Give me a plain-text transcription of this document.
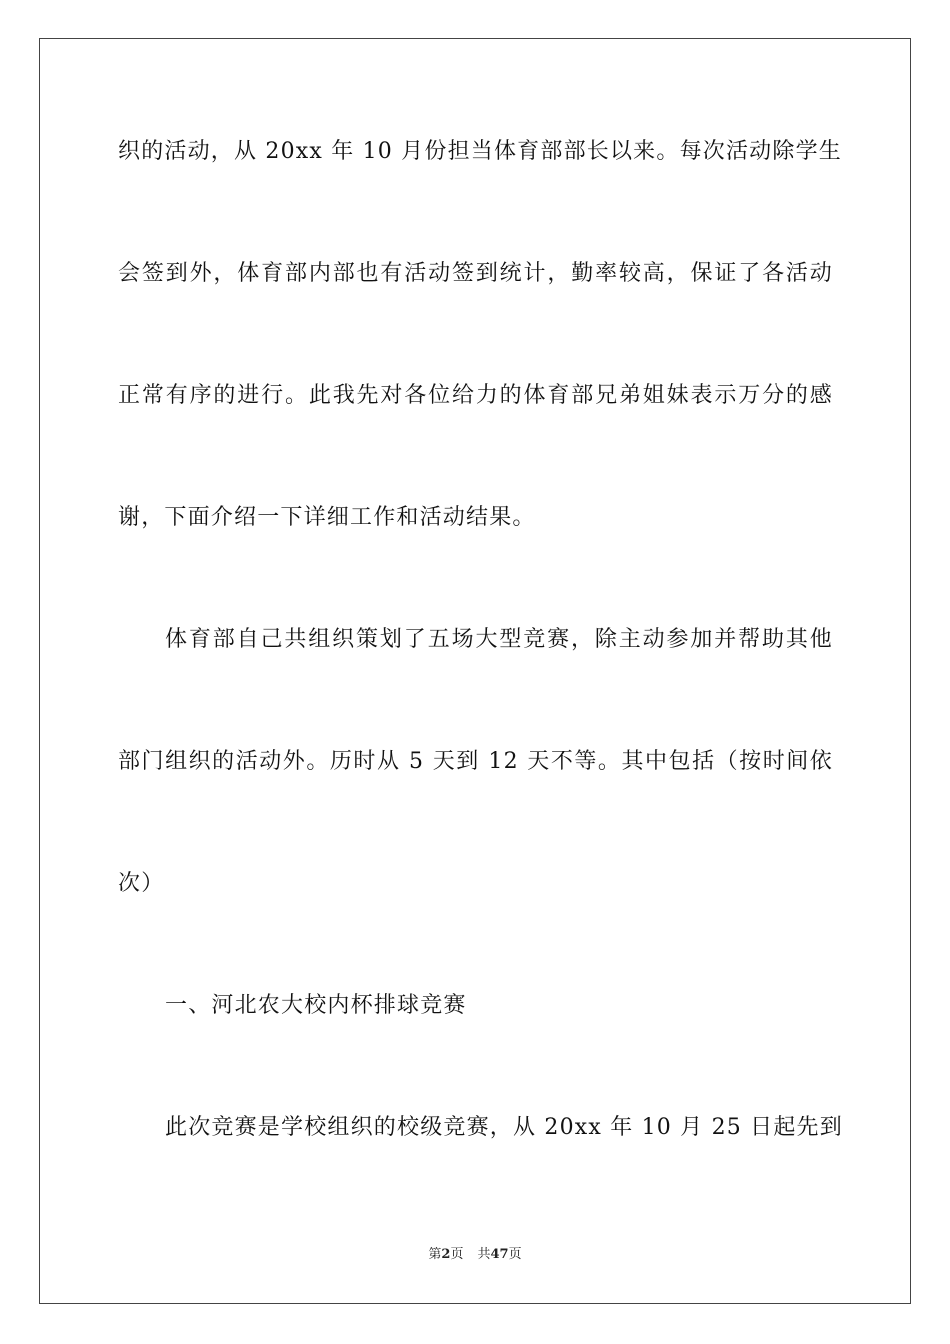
织的活动，从 20xx 年 10 月份担当体育部部长以来。每次活动除学生
会签到外，体育部内部也有活动签到统计，勤率较高，保证了各活动
正常有序的进行。此我先对各位给力的体育部兄弟姐妹表示万分的感
谢，下面介绍一下详细工作和活动结果。
体育部自己共组织策划了五场大型竞赛，除主动参加并帮助其他
部门组织的活动外。历时从 5 天到 12 天不等。其中包括（按时间依
次）
一、河北农大校内杯排球竞赛
此次竞赛是学校组织的校级竞赛，从 20xx 年 10 月 25 日起先到
第2页 共47页
